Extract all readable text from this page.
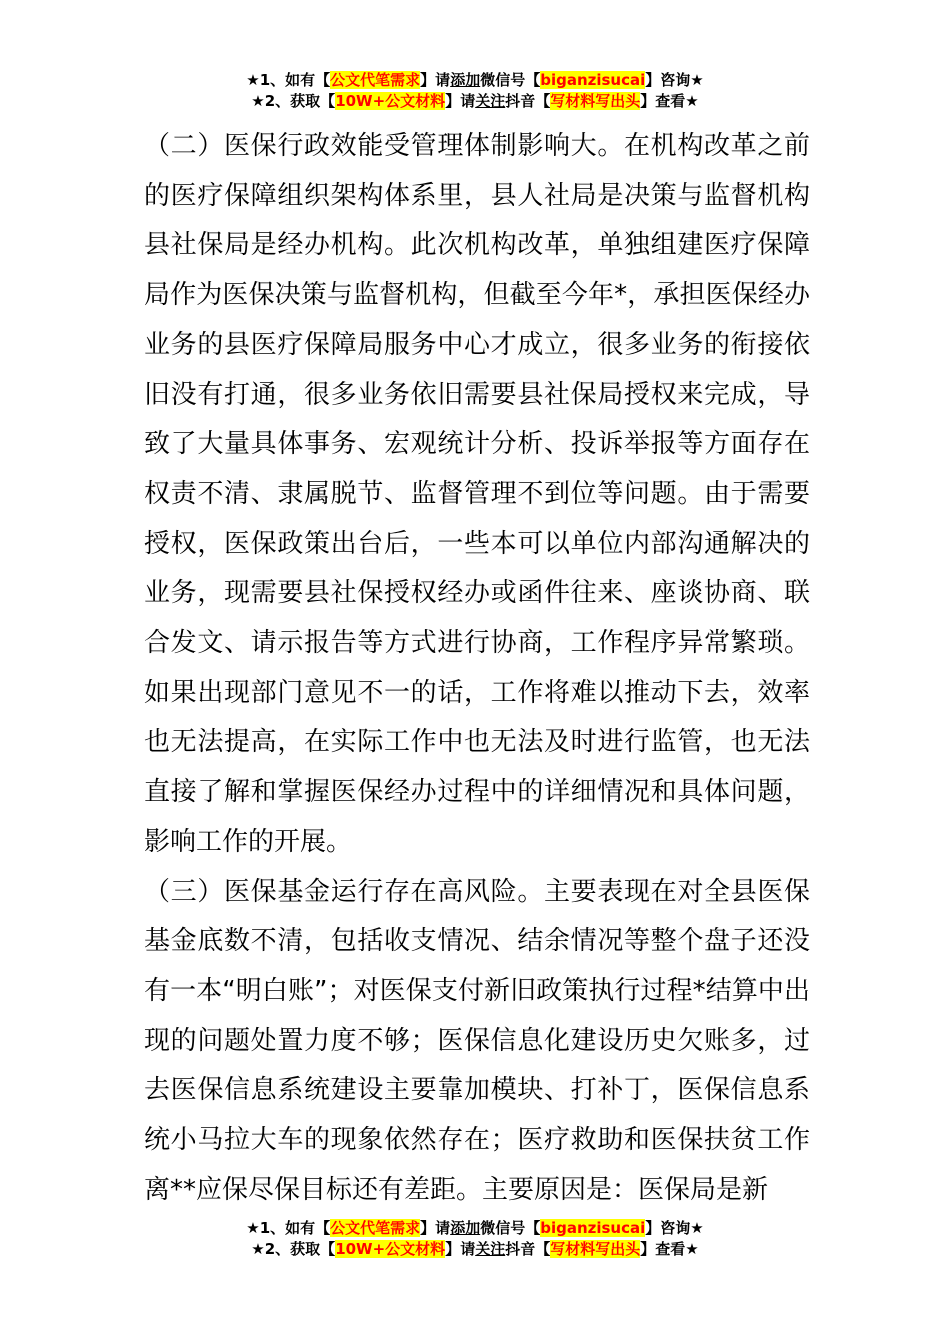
★1、如有【公文代笔需求】请添加微信号【biganzisucai】咨询★
★2、获取【10W+公文材料】请关注抖音【写材料写出头】查看★

（二）医保行政效能受管理体制影响大。在机构改革之前的医疗保障组织架构体系里，县人社局是决策与监督机构县社保局是经办机构。此次机构改革，单独组建医疗保障局作为医保决策与监督机构，但截至今年*，承担医保经办业务的县医疗保障局服务中心才成立，很多业务的衔接依旧没有打通，很多业务依旧需要县社保局授权来完成，导致了大量具体事务、宏观统计分析、投诉举报等方面存在权责不清、隶属脱节、监督管理不到位等问题。由于需要授权，医保政策出台后，一些本可以单位内部沟通解决的业务，现需要县社保授权经办或函件往来、座谈协商、联合发文、请示报告等方式进行协商，工作程序异常繁琐。如果出现部门意见不一的话，工作将难以推动下去，效率也无法提高，在实际工作中也无法及时进行监管，也无法直接了解和掌握医保经办过程中的详细情况和具体问题，影响工作的开展。

（三）医保基金运行存在高风险。主要表现在对全县医保基金底数不清，包括收支情况、结余情况等整个盘子还没有一本“明白账”；对医保支付新旧政策执行过程*结算中出现的问题处置力度不够；医保信息化建设历史欠账多，过去医保信息系统建设主要靠加模块、打补丁，医保信息系统小马拉大车的现象依然存在；医疗救助和医保扶贫工作离**应保尽保目标还有差距。主要原因是：医保局是新

★1、如有【公文代笔需求】请添加微信号【biganzisucai】咨询★
★2、获取【10W+公文材料】请关注抖音【写材料写出头】查看★
